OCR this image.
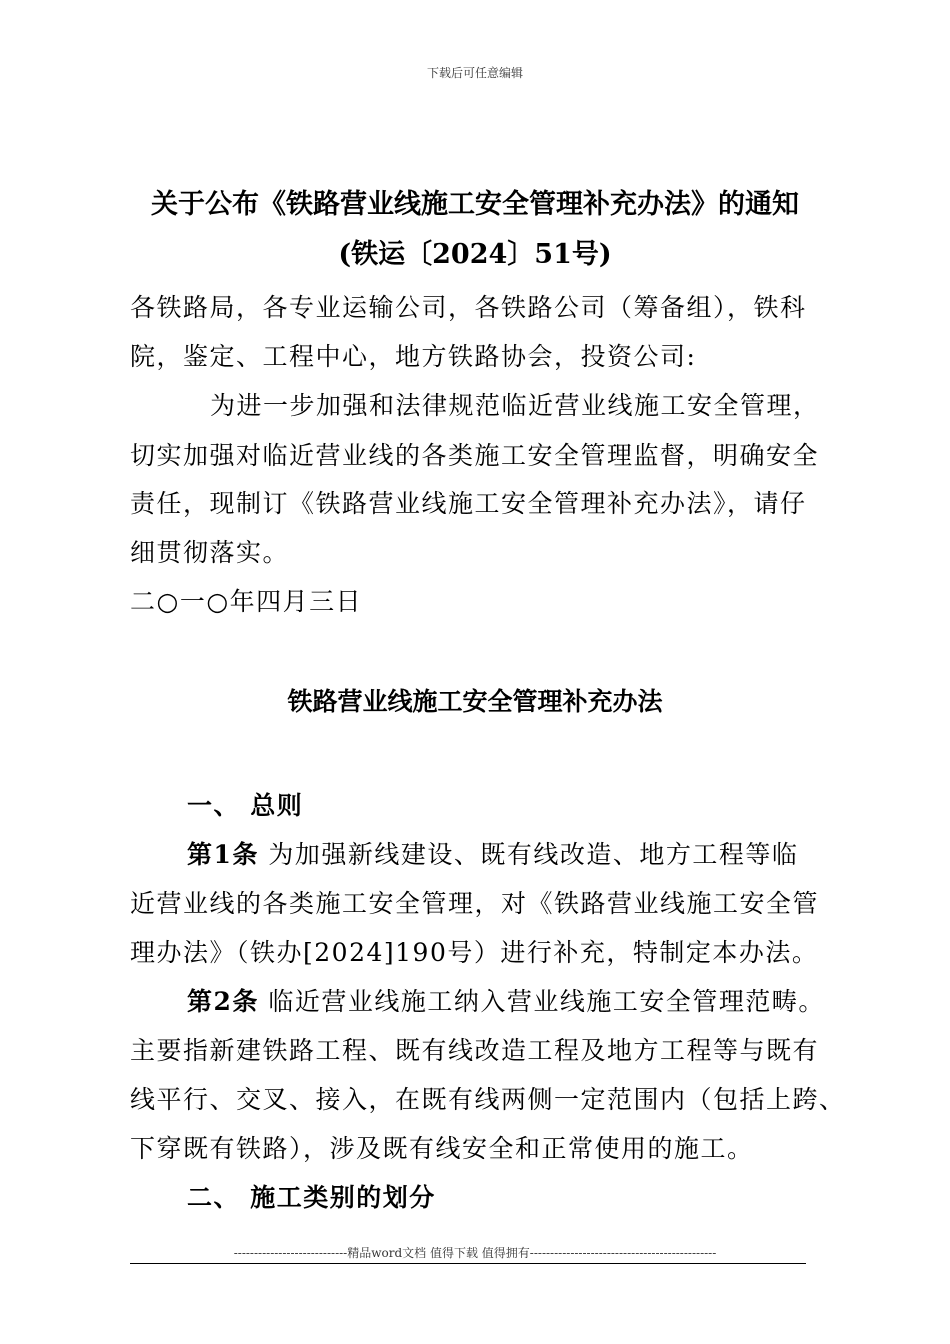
下载后可任意编辑
关于公布《铁路营业线施工安全管理补充办法》的通知
(铁运〔2024〕51号)
各铁路局，各专业运输公司，各铁路公司（筹备组），铁科
院，鉴定、工程中心，地方铁路协会，投资公司:
为进一步加强和法律规范临近营业线施工安全管理，
切实加强对临近营业线的各类施工安全管理监督，明确安全
责任，现制订《铁路营业线施工安全管理补充办法》，请仔
细贯彻落实。
二○一○年四月三日
铁路营业线施工安全管理补充办法
一、 总则
第1条 为加强新线建设、既有线改造、地方工程等临
近营业线的各类施工安全管理，对《铁路营业线施工安全管
理办法》（铁办[2024]190号）进行补充，特制定本办法。
第2条 临近营业线施工纳入营业线施工安全管理范畴。
主要指新建铁路工程、既有线改造工程及地方工程等与既有
线平行、交叉、接入，在既有线两侧一定范围内（包括上跨、
下穿既有铁路），涉及既有线安全和正常使用的施工。
二、 施工类别的划分
----------------------------精品word文档 值得下载 值得拥有----------------------------------------------
